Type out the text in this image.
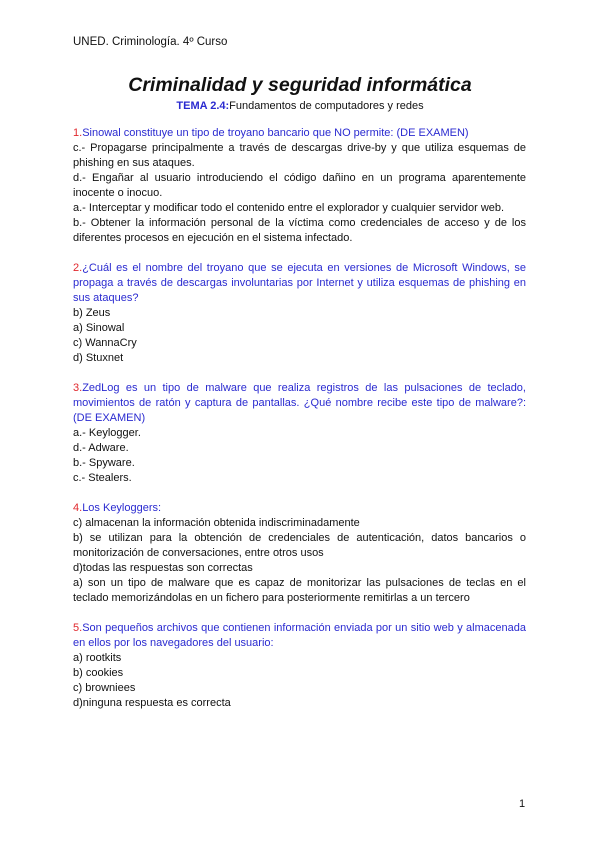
UNED. Criminología. 4º Curso
Criminalidad y seguridad informática
TEMA 2.4:Fundamentos de computadores y redes
1.Sinowal constituye un tipo de troyano bancario que NO permite: (DE EXAMEN)
c.- Propagarse principalmente a través de descargas drive-by y que utiliza esquemas de phishing en sus ataques.
d.- Engañar al usuario introduciendo el código dañino en un programa aparentemente inocente o inocuo.
a.- Interceptar y modificar todo el contenido entre el explorador y cualquier servidor web.
b.- Obtener la información personal de la víctima como credenciales de acceso y de los diferentes procesos en ejecución en el sistema infectado.
2.¿Cuál es el nombre del troyano que se ejecuta en versiones de Microsoft Windows, se propaga a través de descargas involuntarias por Internet y utiliza esquemas de phishing en sus ataques?
b) Zeus
a) Sinowal
c) WannaCry
d) Stuxnet
3.ZedLog es un tipo de malware que realiza registros de las pulsaciones de teclado, movimientos de ratón y captura de pantallas. ¿Qué nombre recibe este tipo de malware?: (DE EXAMEN)
a.- Keylogger.
d.- Adware.
b.- Spyware.
c.- Stealers.
4.Los Keyloggers:
c) almacenan la información obtenida indiscriminadamente
b) se utilizan para la obtención de credenciales de autenticación, datos bancarios o monitorización de conversaciones, entre otros usos
d)todas las respuestas son correctas
a) son un tipo de malware que es capaz de monitorizar las pulsaciones de teclas en el teclado memorizándolas en un fichero para posteriormente remitirlas a un tercero
5.Son pequeños archivos que contienen información enviada por un sitio web y almacenada en ellos por los navegadores del usuario:
a) rootkits
b) cookies
c) browniees
d)ninguna respuesta es correcta
1
